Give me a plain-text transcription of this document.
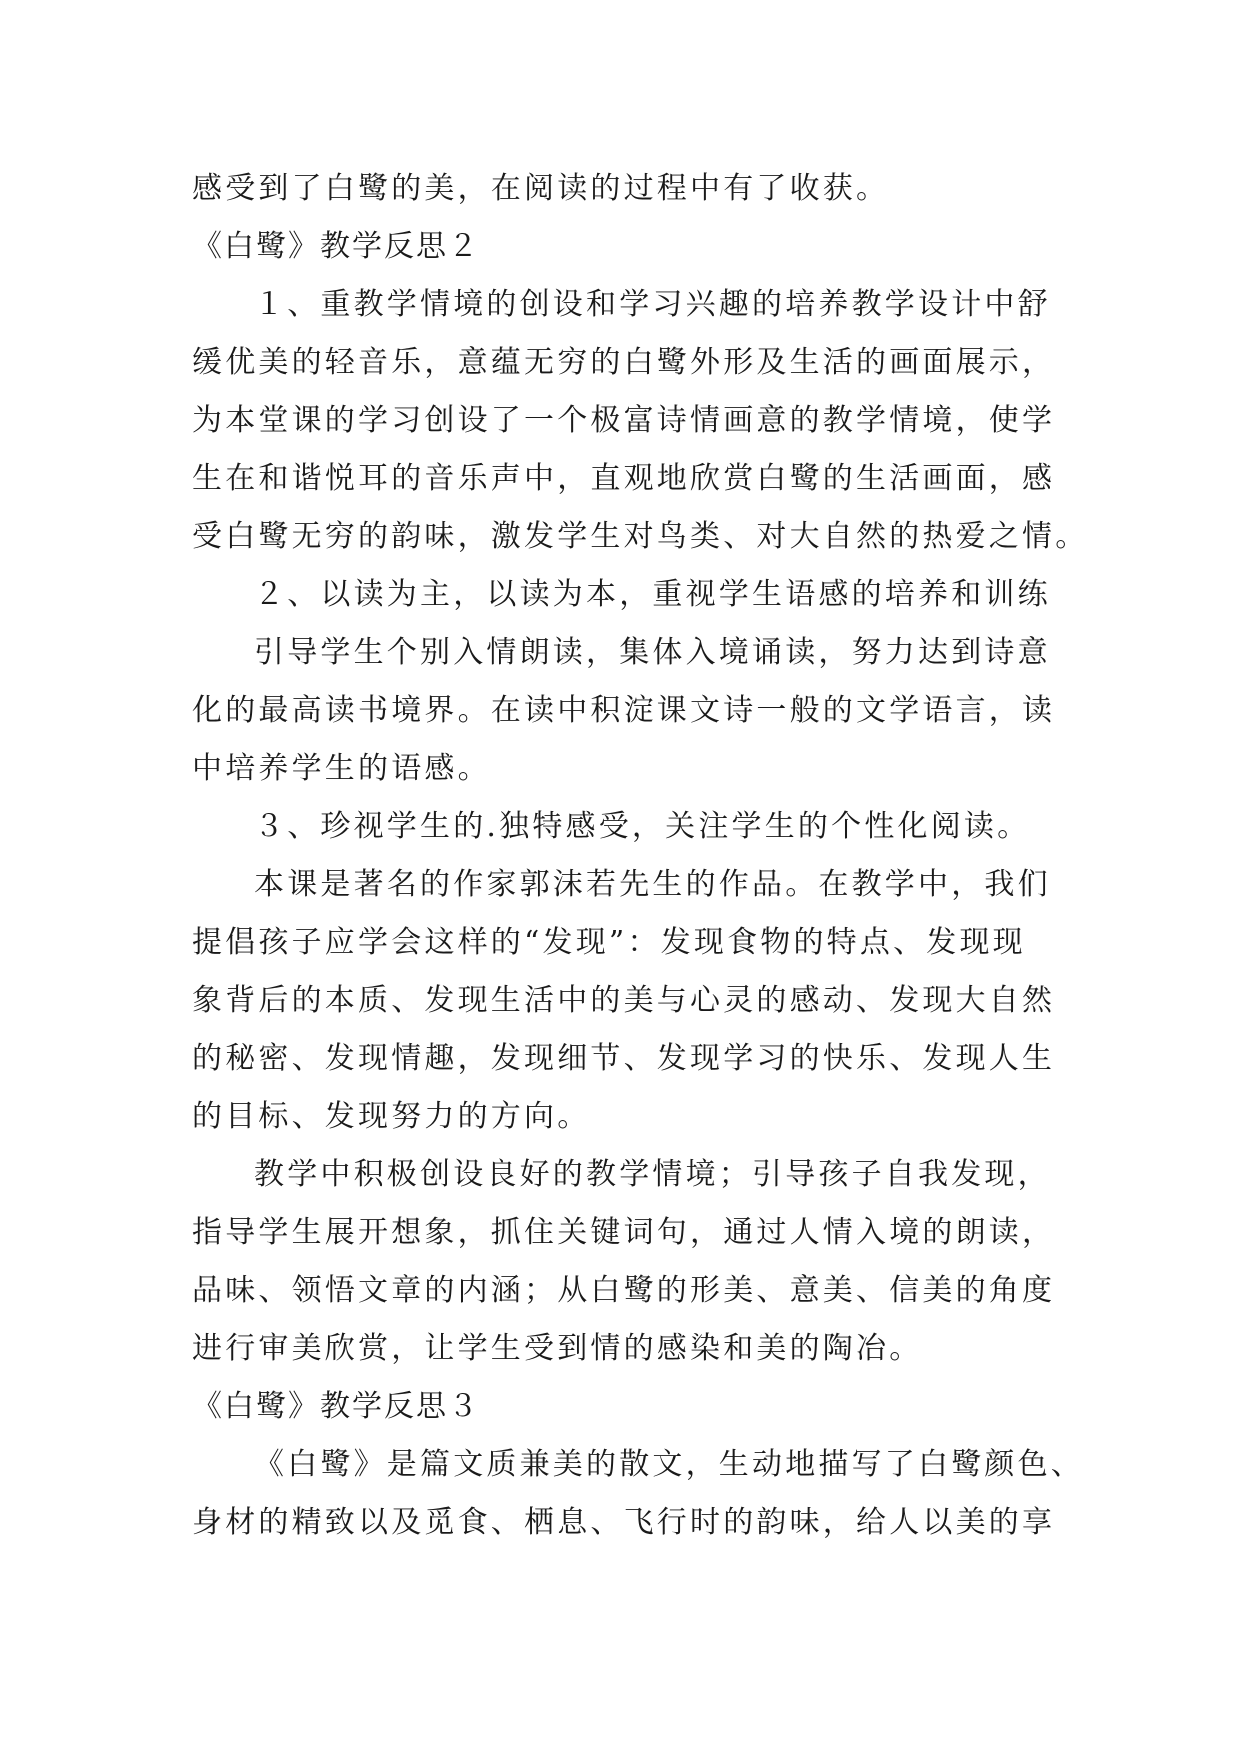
感受到了白鹭的美，在阅读的过程中有了收获。
《白鹭》教学反思２
１、重教学情境的创设和学习兴趣的培养教学设计中舒
缓优美的轻音乐，意蕴无穷的白鹭外形及生活的画面展示，
为本堂课的学习创设了一个极富诗情画意的教学情境，使学
生在和谐悦耳的音乐声中，直观地欣赏白鹭的生活画面，感
受白鹭无穷的韵味，激发学生对鸟类、对大自然的热爱之情。
２、以读为主，以读为本，重视学生语感的培养和训练
引导学生个别入情朗读，集体入境诵读，努力达到诗意
化的最高读书境界。在读中积淀课文诗一般的文学语言，读
中培养学生的语感。
３、珍视学生的.独特感受，关注学生的个性化阅读。
本课是著名的作家郭沫若先生的作品。在教学中，我们
提倡孩子应学会这样的“发现”：发现食物的特点、发现现
象背后的本质、发现生活中的美与心灵的感动、发现大自然
的秘密、发现情趣，发现细节、发现学习的快乐、发现人生
的目标、发现努力的方向。
教学中积极创设良好的教学情境；引导孩子自我发现，
指导学生展开想象，抓住关键词句，通过人情入境的朗读，
品味、领悟文章的内涵；从白鹭的形美、意美、信美的角度
进行审美欣赏，让学生受到情的感染和美的陶冶。
《白鹭》教学反思３
《白鹭》是篇文质兼美的散文，生动地描写了白鹭颜色、
身材的精致以及觅食、栖息、飞行时的韵味，给人以美的享
